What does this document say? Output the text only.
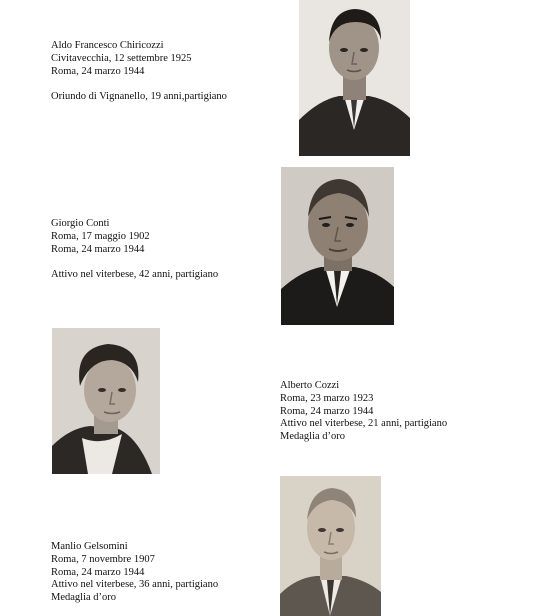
Aldo Francesco Chiricozzi
Civitavecchia, 12 settembre 1925
Roma, 24 marzo 1944
Oriundo di Vignanello, 19 anni,partigiano
Giorgio Conti
Roma, 17 maggio 1902
Roma, 24 marzo 1944
Attivo nel viterbese, 42 anni, partigiano
Alberto Cozzi
Roma, 23 marzo 1923
Roma, 24 marzo 1944
Attivo nel viterbese, 21 anni, partigiano
Medaglia d’oro
Manlio Gelsomini
Roma, 7 novembre 1907
Roma, 24 marzo 1944
Attivo nel viterbese, 36 anni, partigiano
Medaglia d’oro
